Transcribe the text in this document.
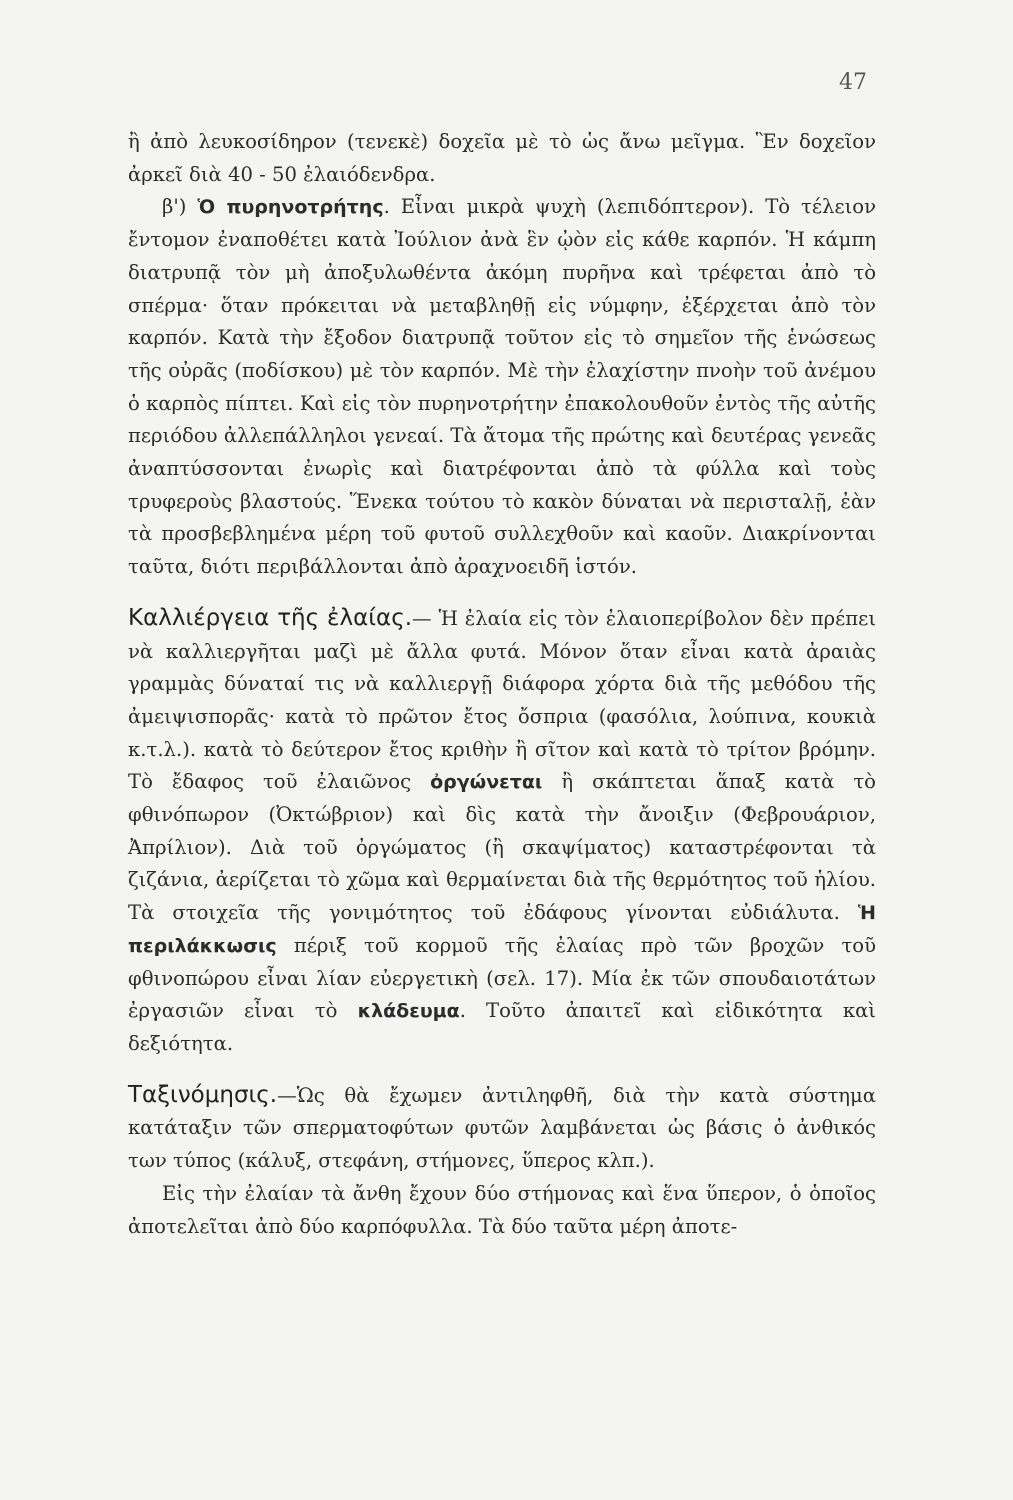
47

ἢ ἀπὸ λευκοσίδηρον (τενεκὲ) δοχεῖα μὲ τὸ ὡς ἄνω μεῖγμα. Ἓν δοχεῖον ἀρκεῖ διὰ 40 - 50 ἐλαιόδενδρα.

β') Ὁ πυρηνοτρήτης. Εἶναι μικρὰ ψυχὴ (λεπιδόπτερον). Τὸ τέλειον ἔντομον ἐναποθέτει κατὰ Ἰούλιον ἀνὰ ἓν ᾠὸν εἰς κάθε καρπόν. Ἡ κάμπη διατρυπᾷ τὸν μὴ ἀποξυλωθέντα ἀκόμη πυρῆνα καὶ τρέφεται ἀπὸ τὸ σπέρμα· ὅταν πρόκειται νὰ μεταβληθῇ εἰς νύμφην, ἐξέρχεται ἀπὸ τὸν καρπόν. Κατὰ τὴν ἔξοδον διατρυπᾷ τοῦτον εἰς τὸ σημεῖον τῆς ἑνώσεως τῆς οὐρᾶς (ποδίσκου) μὲ τὸν καρπόν. Μὲ τὴν ἐλαχίστην πνοὴν τοῦ ἀνέμου ὁ καρπὸς πίπτει. Καὶ εἰς τὸν πυρηνοτρήτην ἐπακολουθοῦν ἐντὸς τῆς αὐτῆς περιόδου ἀλλεπάλληλοι γενεαί. Τὰ ἄτομα τῆς πρώτης καὶ δευτέρας γενεᾶς ἀναπτύσσονται ἐνωρὶς καὶ διατρέφονται ἀπὸ τὰ φύλλα καὶ τοὺς τρυφεροὺς βλαστούς. Ἕνεκα τούτου τὸ κακὸν δύναται νὰ περισταλῇ, ἐὰν τὰ προσβεβλημένα μέρη τοῦ φυτοῦ συλλεχθοῦν καὶ καοῦν. Διακρίνονται ταῦτα, διότι περιβάλλονται ἀπὸ ἀραχνοειδῆ ἱστόν.

Καλλιέργεια τῆς ἐλαίας.— Ἡ ἐλαία εἰς τὸν ἐλαιοπερίβολον δὲν πρέπει νὰ καλλιεργῆται μαζὶ μὲ ἄλλα φυτά. Μόνον ὅταν εἶναι κατὰ ἀραιὰς γραμμὰς δύναταί τις νὰ καλλιεργῇ διάφορα χόρτα διὰ τῆς μεθόδου τῆς ἀμειψισπορᾶς· κατὰ τὸ πρῶτον ἔτος ὄσπρια (φασόλια, λούπινα, κουκιὰ κ.τ.λ.). κατὰ τὸ δεύτερον ἔτος κριθὴν ἢ σῖτον καὶ κατὰ τὸ τρίτον βρόμην. Τὸ ἔδαφος τοῦ ἐλαιῶνος ὀργώνεται ἢ σκάπτεται ἅπαξ κατὰ τὸ φθινόπωρον (Ὀκτώβριον) καὶ δὶς κατὰ τὴν ἄνοιξιν (Φεβρουάριον, Ἀπρίλιον). Διὰ τοῦ ὀργώματος (ἢ σκαψίματος) καταστρέφονται τὰ ζιζάνια, ἀερίζεται τὸ χῶμα καὶ θερμαίνεται διὰ τῆς θερμότητος τοῦ ἡλίου. Τὰ στοιχεῖα τῆς γονιμότητος τοῦ ἐδάφους γίνονται εὐδιάλυτα. Ἡ περιλάκκωσις πέριξ τοῦ κορμοῦ τῆς ἐλαίας πρὸ τῶν βροχῶν τοῦ φθινοπώρου εἶναι λίαν εὐεργετικὴ (σελ. 17). Μία ἐκ τῶν σπουδαιοτάτων ἐργασιῶν εἶναι τὸ κλάδευμα. Τοῦτο ἀπαιτεῖ καὶ εἰδικότητα καὶ δεξιότητα.

Ταξινόμησις.—Ὡς θὰ ἔχωμεν ἀντιληφθῆ, διὰ τὴν κατὰ σύστημα κατάταξιν τῶν σπερματοφύτων φυτῶν λαμβάνεται ὡς βάσις ὁ ἀνθικός των τύπος (κάλυξ, στεφάνη, στήμονες, ὕπερος κλπ.).

Εἰς τὴν ἐλαίαν τὰ ἄνθη ἔχουν δύο στήμονας καὶ ἕνα ὕπερον, ὁ ὁποῖος ἀποτελεῖται ἀπὸ δύο καρπόφυλλα. Τὰ δύο ταῦτα μέρη ἀποτε-
